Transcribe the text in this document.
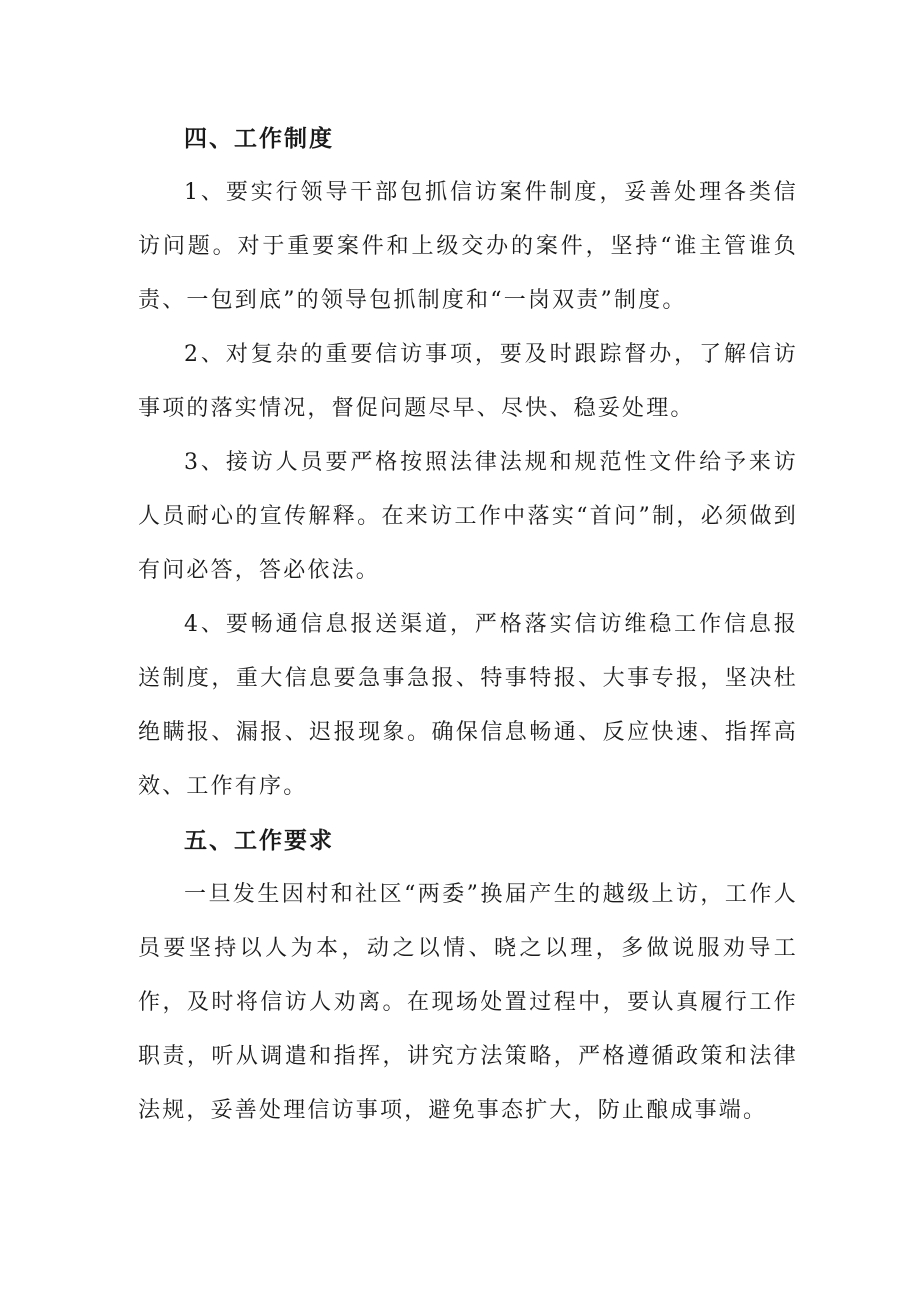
四、工作制度

1、要实行领导干部包抓信访案件制度，妥善处理各类信访问题。对于重要案件和上级交办的案件，坚持“谁主管谁负责、一包到底”的领导包抓制度和“一岗双责”制度。

2、对复杂的重要信访事项，要及时跟踪督办，了解信访事项的落实情况，督促问题尽早、尽快、稳妥处理。

3、接访人员要严格按照法律法规和规范性文件给予来访人员耐心的宣传解释。在来访工作中落实“首问”制，必须做到有问必答，答必依法。

4、要畅通信息报送渠道，严格落实信访维稳工作信息报送制度，重大信息要急事急报、特事特报、大事专报，坚决杜绝瞒报、漏报、迟报现象。确保信息畅通、反应快速、指挥高效、工作有序。

五、工作要求

一旦发生因村和社区“两委”换届产生的越级上访，工作人员要坚持以人为本，动之以情、晓之以理，多做说服劝导工作，及时将信访人劝离。在现场处置过程中，要认真履行工作职责，听从调遣和指挥，讲究方法策略，严格遵循政策和法律法规，妥善处理信访事项，避免事态扩大，防止酿成事端。
